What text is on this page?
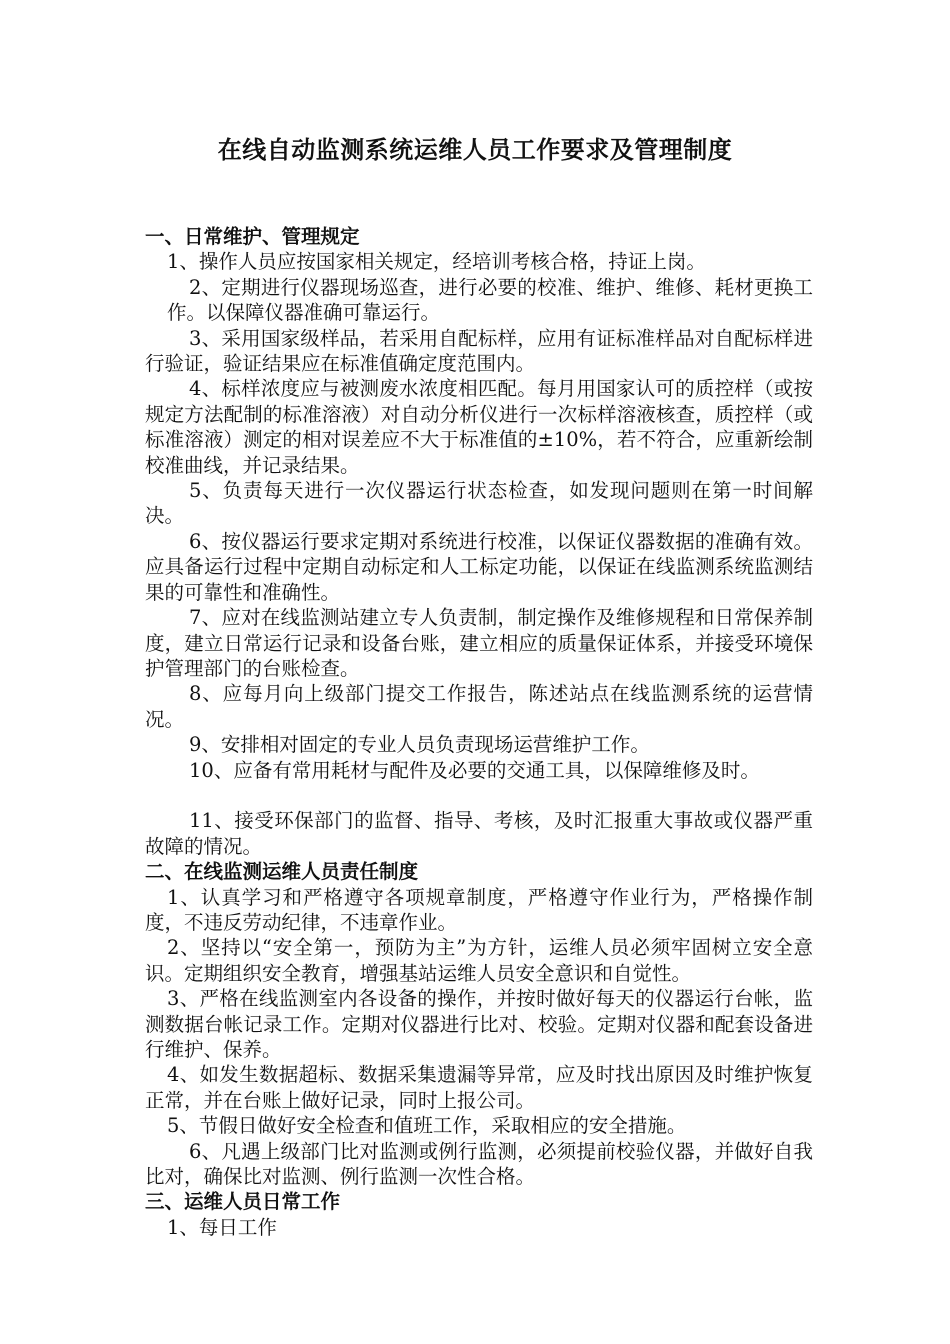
在线自动监测系统运维人员工作要求及管理制度
一、日常维护、管理规定

1、操作人员应按国家相关规定，经培训考核合格，持证上岗。

2、定期进行仪器现场巡查，进行必要的校准、维护、维修、耗材更换工作。以保障仪器准确可靠运行。

3、采用国家级样品，若采用自配标样，应用有证标准样品对自配标样进行验证，验证结果应在标准值确定度范围内。

4、标样浓度应与被测废水浓度相匹配。每月用国家认可的质控样（或按规定方法配制的标准溶液）对自动分析仪进行一次标样溶液核查，质控样（或标准溶液）测定的相对误差应不大于标准值的±10%，若不符合，应重新绘制校准曲线，并记录结果。

5、负责每天进行一次仪器运行状态检查，如发现问题则在第一时间解决。

6、按仪器运行要求定期对系统进行校准，以保证仪器数据的准确有效。应具备运行过程中定期自动标定和人工标定功能，以保证在线监测系统监测结果的可靠性和准确性。

7、应对在线监测站建立专人负责制，制定操作及维修规程和日常保养制度，建立日常运行记录和设备台账，建立相应的质量保证体系，并接受环境保护管理部门的台账检查。

8、应每月向上级部门提交工作报告，陈述站点在线监测系统的运营情况。

9、安排相对固定的专业人员负责现场运营维护工作。

10、应备有常用耗材与配件及必要的交通工具，以保障维修及时。

11、接受环保部门的监督、指导、考核，及时汇报重大事故或仪器严重故障的情况。

二、在线监测运维人员责任制度

1、认真学习和严格遵守各项规章制度，严格遵守作业行为，严格操作制度，不违反劳动纪律，不违章作业。

2、坚持以“安全第一，预防为主”为方针，运维人员必须牢固树立安全意识。定期组织安全教育，增强基站运维人员安全意识和自觉性。

3、严格在线监测室内各设备的操作，并按时做好每天的仪器运行台帐，监测数据台帐记录工作。定期对仪器进行比对、校验。定期对仪器和配套设备进行维护、保养。

4、如发生数据超标、数据采集遗漏等异常，应及时找出原因及时维护恢复正常，并在台账上做好记录，同时上报公司。

5、节假日做好安全检查和值班工作，采取相应的安全措施。

6、凡遇上级部门比对监测或例行监测，必须提前校验仪器，并做好自我比对，确保比对监测、例行监测一次性合格。

三、运维人员日常工作

1、每日工作
